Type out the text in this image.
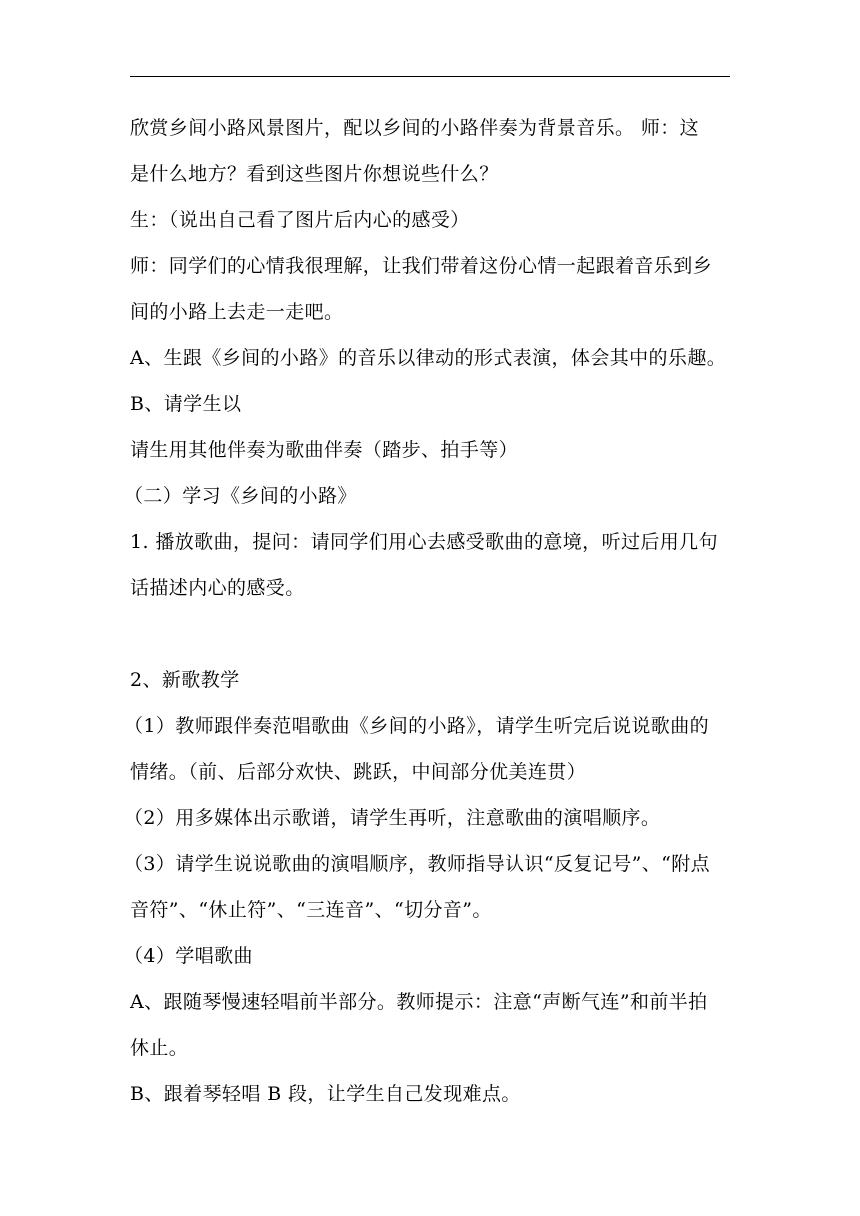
欣赏乡间小路风景图片，配以乡间的小路伴奏为背景音乐。 师：这
是什么地方？看到这些图片你想说些什么？
生：（说出自己看了图片后内心的感受）
师：同学们的心情我很理解，让我们带着这份心情一起跟着音乐到乡
间的小路上去走一走吧。
A、生跟《乡间的小路》的音乐以律动的形式表演，体会其中的乐趣。
B、请学生以
请生用其他伴奏为歌曲伴奏（踏步、拍手等）
（二）学习《乡间的小路》
1. 播放歌曲，提问：请同学们用心去感受歌曲的意境，听过后用几句
话描述内心的感受。
2、新歌教学
（1）教师跟伴奏范唱歌曲《乡间的小路》，请学生听完后说说歌曲的
情绪。（前、后部分欢快、跳跃，中间部分优美连贯）
（2）用多媒体出示歌谱，请学生再听，注意歌曲的演唱顺序。
（3）请学生说说歌曲的演唱顺序，教师指导认识“反复记号”、“附点
音符”、“休止符”、“三连音”、“切分音”。
（4）学唱歌曲
A、跟随琴慢速轻唱前半部分。教师提示：注意“声断气连”和前半拍
休止。
B、跟着琴轻唱 B 段，让学生自己发现难点。
